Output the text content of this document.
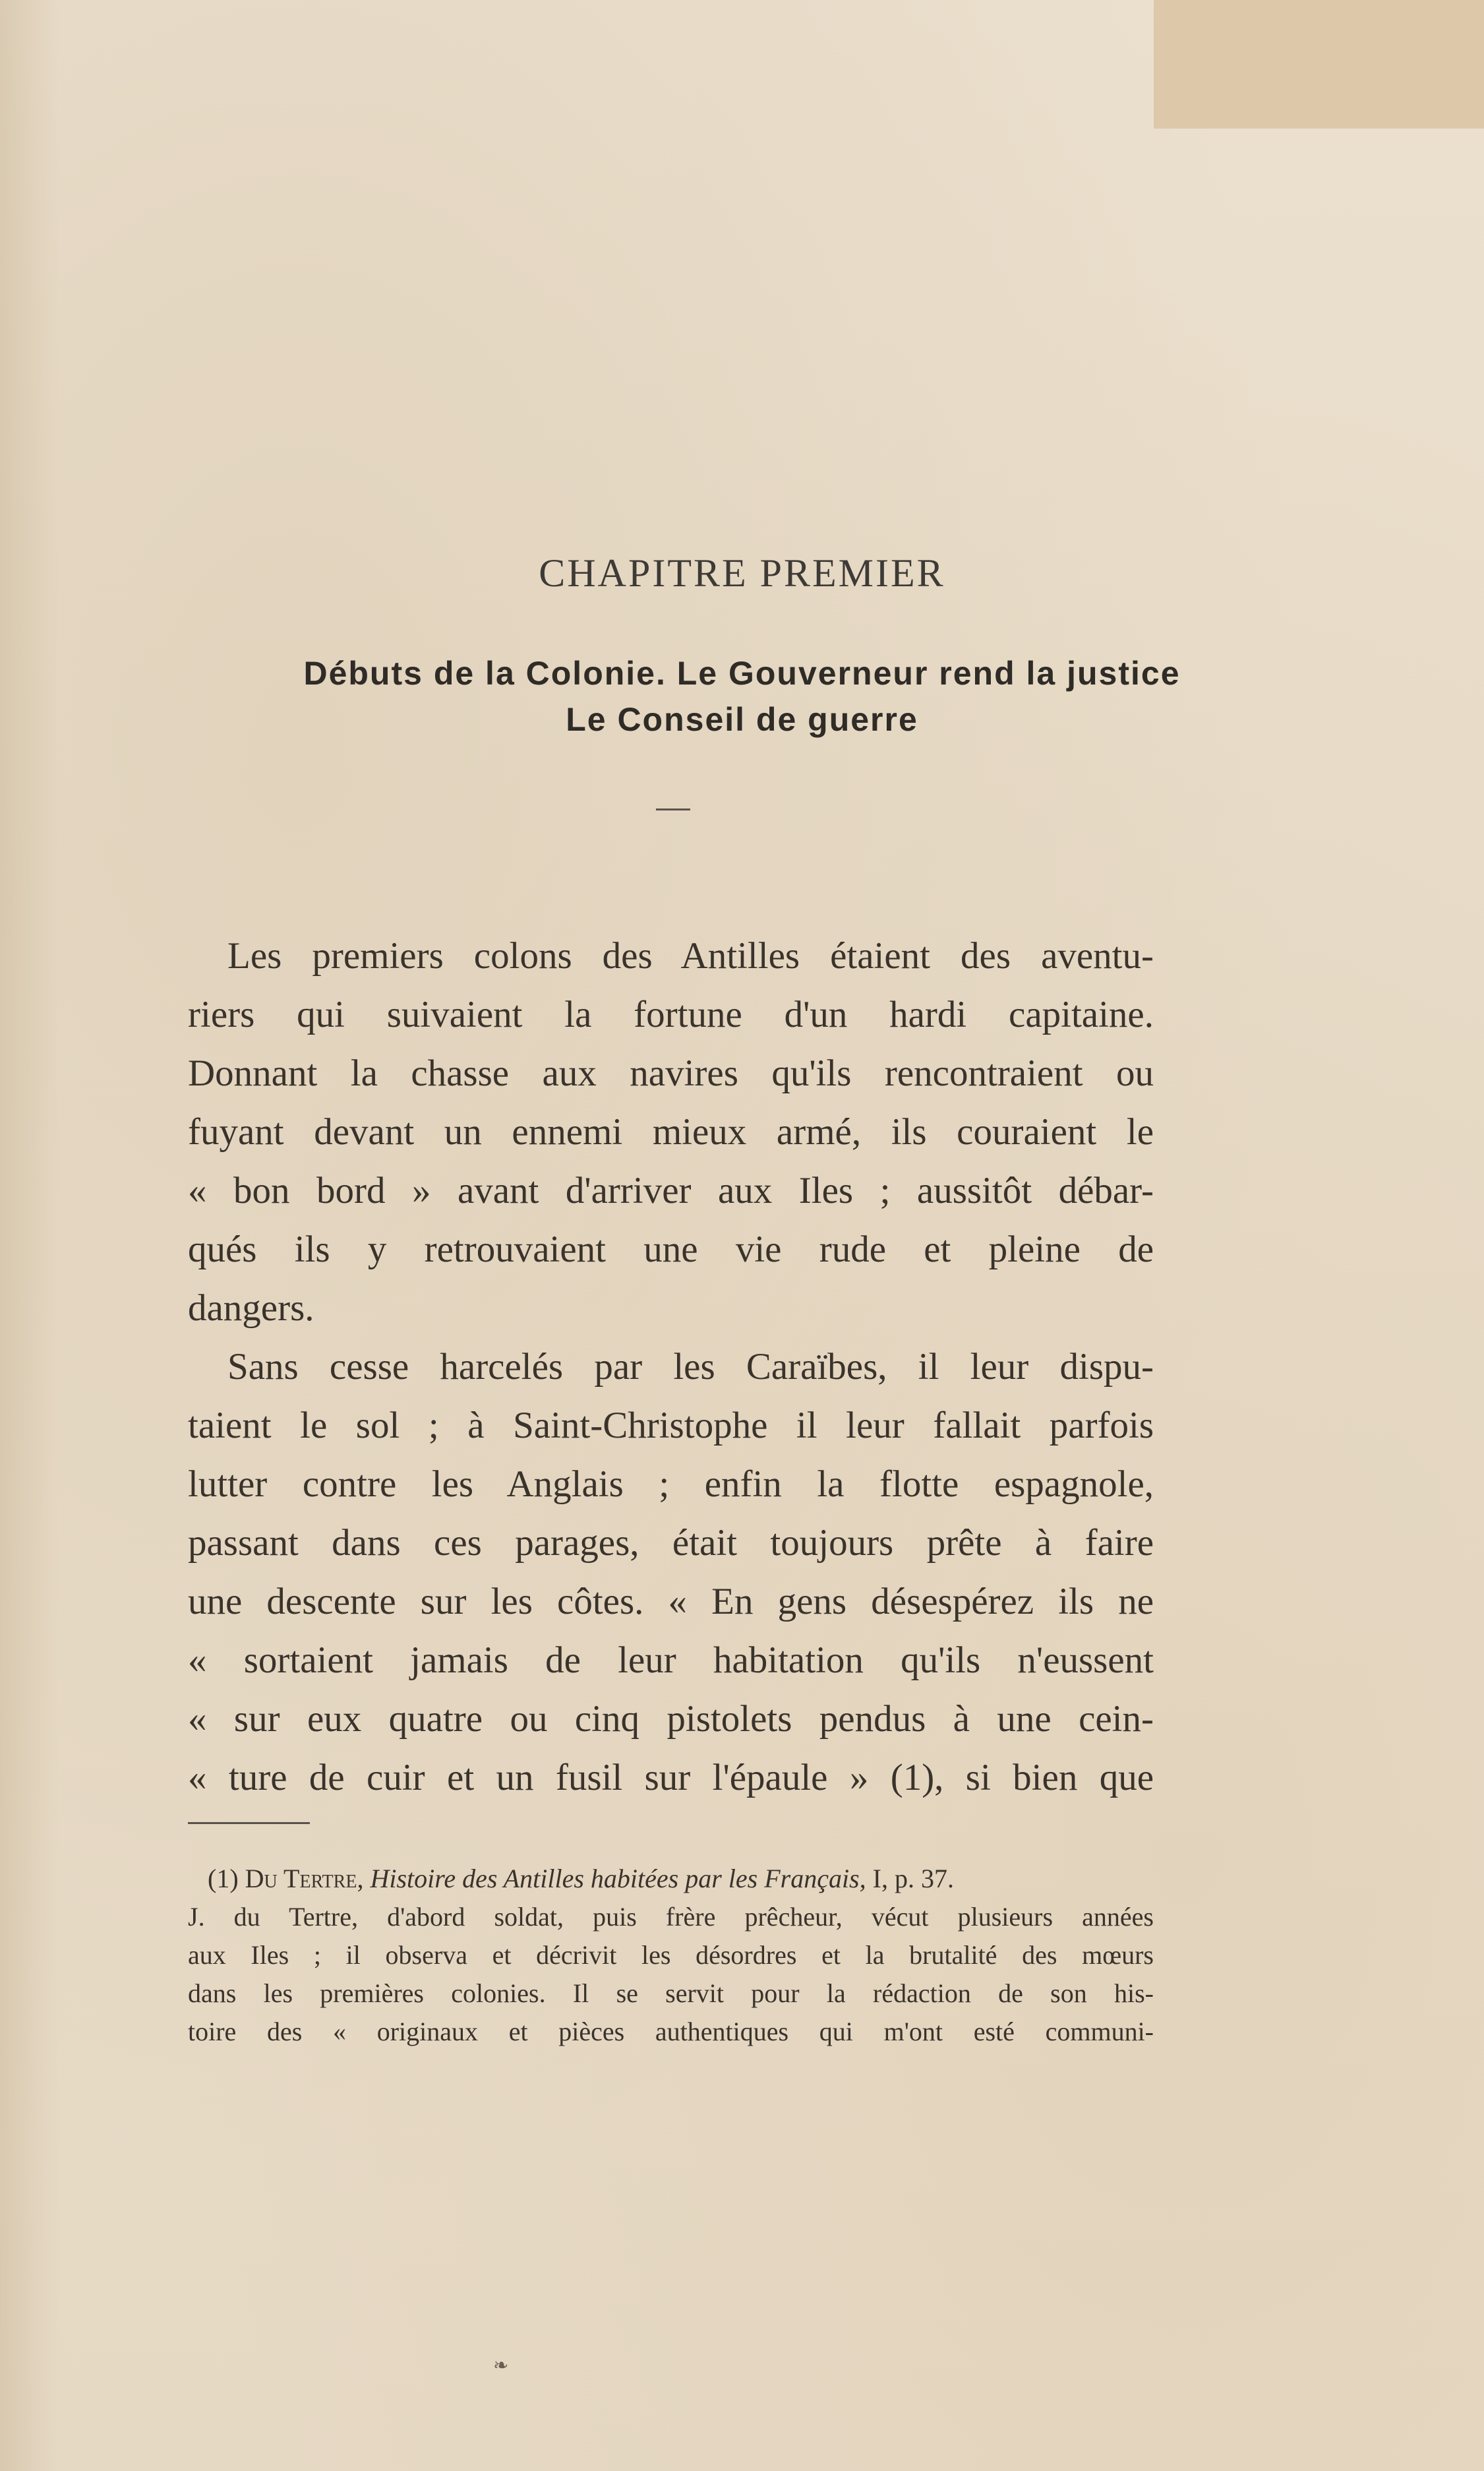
CHAPITRE PREMIER
Débuts de la Colonie. Le Gouverneur rend la justice
Le Conseil de guerre
Les premiers colons des Antilles étaient des aventu-
riers qui suivaient la fortune d'un hardi capitaine.
Donnant la chasse aux navires qu'ils rencontraient ou
fuyant devant un ennemi mieux armé, ils couraient le
« bon bord » avant d'arriver aux Iles ; aussitôt débar-
qués ils y retrouvaient une vie rude et pleine de
dangers.
Sans cesse harcelés par les Caraïbes, il leur dispu-
taient le sol ; à Saint-Christophe il leur fallait parfois
lutter contre les Anglais ; enfin la flotte espagnole,
passant dans ces parages, était toujours prête à faire
une descente sur les côtes. « En gens désespérez ils ne
« sortaient jamais de leur habitation qu'ils n'eussent
« sur eux quatre ou cinq pistolets pendus à une cein-
« ture de cuir et un fusil sur l'épaule » (1), si bien que
(1) Du Tertre, Histoire des Antilles habitées par les Français, I, p. 37.
J. du Tertre, d'abord soldat, puis frère prêcheur, vécut plusieurs années
aux Iles ; il observa et décrivit les désordres et la brutalité des mœurs
dans les premières colonies. Il se servit pour la rédaction de son his-
toire des « originaux et pièces authentiques qui m'ont esté communi-
❧
